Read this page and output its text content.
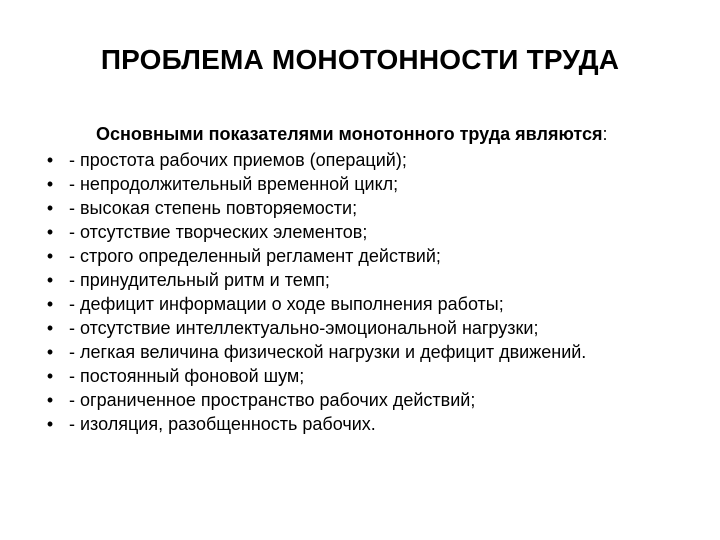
ПРОБЛЕМА МОНОТОННОСТИ ТРУДА

Основными показателями монотонного труда являются:

• - простота рабочих приемов (операций);
• - непродолжительный временной цикл;
• - высокая степень повторяемости;
• - отсутствие творческих элементов;
• - строго определенный регламент действий;
• - принудительный ритм и темп;
• - дефицит информации о ходе выполнения работы;
• - отсутствие интеллектуально-эмоциональной нагрузки;
• - легкая величина физической нагрузки и дефицит движений.
• - постоянный фоновой шум;
• - ограниченное пространство рабочих действий;
• - изоляция, разобщенность рабочих.
